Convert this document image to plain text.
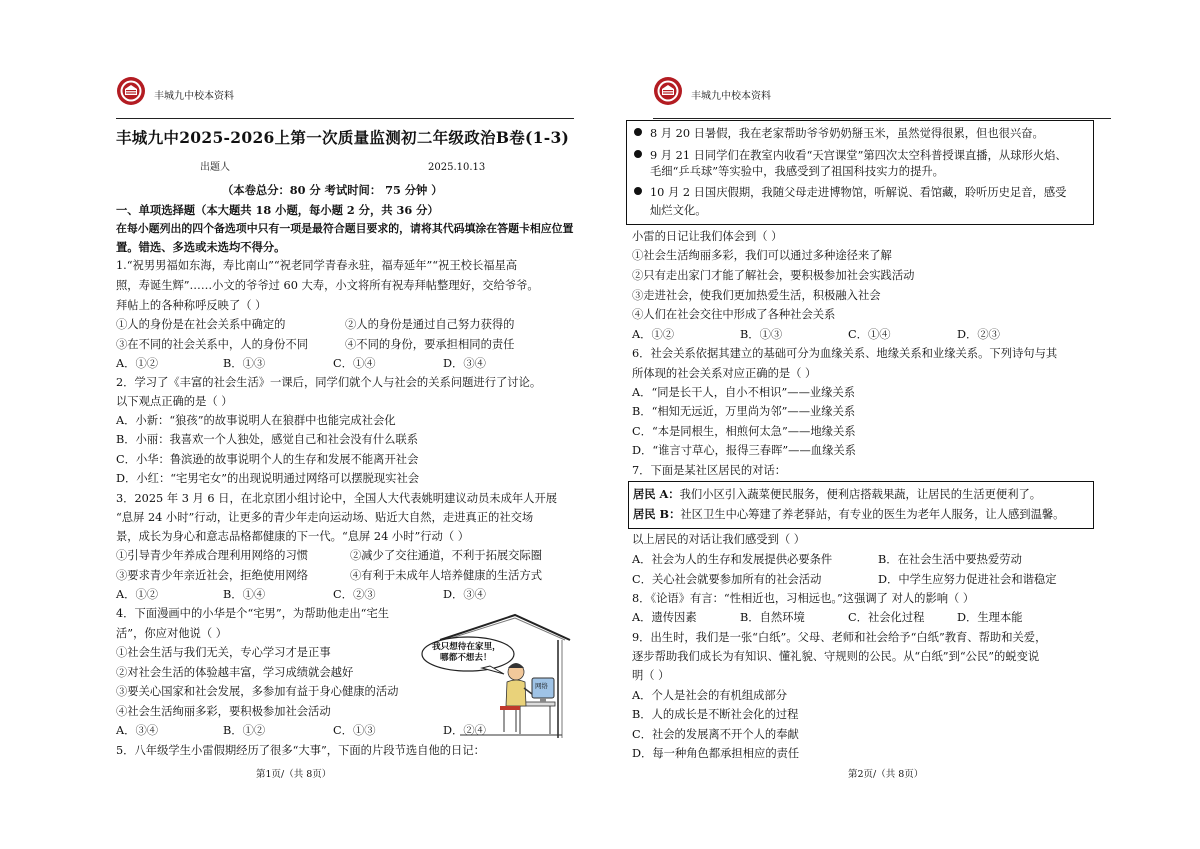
丰城九中校本资料
丰城九中2025-2026上第一次质量监测初二年级政治B卷(1-3)
出题人	2025.10.13
（本卷总分：80 分 考试时间： 75 分钟 ）
一、单项选择题（本大题共 18 小题，每小题 2 分，共 36 分）
在每小题列出的四个备选项中只有一项是最符合题目要求的，请将其代码填涂在答题卡相应位置
置。错选、多选或未选均不得分。
1.“祝男男福如东海，寿比南山”“祝老同学青春永驻，福寿延年”“祝王校长福星高
照，寿诞生辉”……小文的爷爷过 60 大寿，小文将所有祝寿拜帖整理好，交给爷爷。
拜帖上的各种称呼反映了（ ）
①人的身份是在社会关系中确定的	②人的身份是通过自己努力获得的
③在不同的社会关系中，人的身份不同	④不同的身份，要承担相同的责任
A．①②	B．①③	C．①④	D．③④
2．学习了《丰富的社会生活》一课后，同学们就个人与社会的关系问题进行了讨论。
以下观点正确的是（ ）
A．小新：“狼孩”的故事说明人在狼群中也能完成社会化
B．小丽：我喜欢一个人独处，感觉自己和社会没有什么联系
C．小华：鲁滨逊的故事说明个人的生存和发展不能离开社会
D．小红：“宅男宅女”的出现说明通过网络可以摆脱现实社会
3．2025 年 3 月 6 日，在北京团小组讨论中，全国人大代表姚明建议动员未成年人开展
“息屏 24 小时”行动，让更多的青少年走向运动场、贴近大自然，走进真正的社交场
景，成长为身心和意志品格都健康的下一代。“息屏 24 小时”行动（ ）
①引导青少年养成合理利用网络的习惯	②减少了交往通道，不利于拓展交际圈
③要求青少年亲近社会，拒绝使用网络	④有利于未成年人培养健康的生活方式
A．①②	B．①④	C．②③	D．③④
4．下面漫画中的小华是个“宅男”，为帮助他走出“宅生
活”，你应对他说（ ）
①社会生活与我们无关，专心学习才是正事
②对社会生活的体验越丰富，学习成绩就会越好
③要关心国家和社会发展，多参加有益于身心健康的活动
④社会生活绚丽多彩，要积极参加社会活动
A．③④	B．①②	C．①③	D．②④
我只想待在家里，
哪都不想去！
网络
5．八年级学生小雷假期经历了很多“大事”，下面的片段节选自他的日记：
第1页/（共 8页）
丰城九中校本资料
8 月 20 日暑假，我在老家帮助爷爷奶奶掰玉米，虽然觉得很累，但也很兴奋。
9 月 21 日同学们在教室内收看“天宫课堂”第四次太空科普授课直播，从球形火焰、
毛细“乒乓球”等实验中，我感受到了祖国科技实力的提升。
10 月 2 日国庆假期，我随父母走进博物馆，听解说、看馆藏，聆听历史足音，感受
灿烂文化。
小雷的日记让我们体会到（ ）
①社会生活绚丽多彩，我们可以通过多种途径来了解
②只有走出家门才能了解社会，要积极参加社会实践活动
③走进社会，使我们更加热爱生活，积极融入社会
④人们在社会交往中形成了各种社会关系
A．①②	B．①③	C．①④	D．②③
6．社会关系依据其建立的基础可分为血缘关系、地缘关系和业缘关系。下列诗句与其
所体现的社会关系对应正确的是（ ）
A．“同是长干人，自小不相识”——业缘关系
B．“相知无远近，万里尚为邻”——业缘关系
C．“本是同根生，相煎何太急”——地缘关系
D．“谁言寸草心，报得三春晖”——血缘关系
7．下面是某社区居民的对话：
居民 A：我们小区引入蔬菜便民服务，便利店搭载果蔬，让居民的生活更便利了。
居民 B：社区卫生中心筹建了养老驿站，有专业的医生为老年人服务，让人感到温馨。
以上居民的对话让我们感受到（ ）
A．社会为人的生存和发展提供必要条件	B．在社会生活中要热爱劳动
C．关心社会就要参加所有的社会活动	D．中学生应努力促进社会和谐稳定
8．《论语》有言：“性相近也，习相远也。”这强调了 对人的影响（ ）
A．遗传因素	B．自然环境	C．社会化过程	D．生理本能
9．出生时，我们是一张“白纸”。父母、老师和社会给予“白纸”教育、帮助和关爱，
逐步帮助我们成长为有知识、懂礼貌、守规则的公民。从“白纸”到“公民”的蜕变说
明（ ）
A．个人是社会的有机组成部分
B．人的成长是不断社会化的过程
C．社会的发展离不开个人的奉献
D．每一种角色都承担相应的责任
第2页/（共 8页）
